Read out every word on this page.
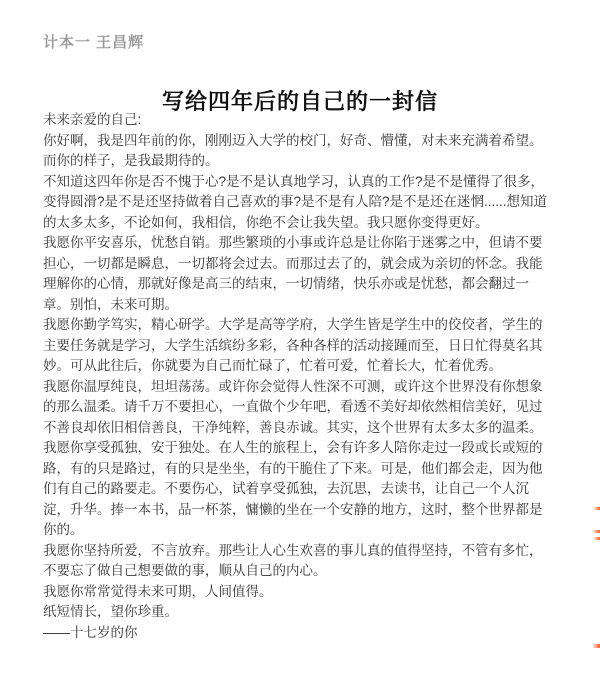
计本一 王昌辉
写给四年后的自己的一封信
未来亲爱的自己:
你好啊，我是四年前的你，刚刚迈入大学的校门，好奇、懵懂，对未来充满着希望。
而你的样子，是我最期待的。
不知道这四年你是否不愧于心?是不是认真地学习，认真的工作?是不是懂得了很多，
变得圆滑?是不是还坚持做着自己喜欢的事?是不是有人陪?是不是还在迷惘......想知道
的太多太多，不论如何，我相信，你绝不会让我失望。我只愿你变得更好。
我愿你平安喜乐，忧愁自销。那些繁琐的小事或许总是让你陷于迷雾之中，但请不要
担心，一切都是瞬息，一切都将会过去。而那过去了的，就会成为亲切的怀念。我能
理解你的心情，那就好像是高三的结束，一切情绪，快乐亦或是忧愁，都会翻过一
章。别怕，未来可期。
我愿你勤学笃实，精心研学。大学是高等学府，大学生皆是学生中的佼佼者，学生的
主要任务就是学习，大学生活缤纷多彩，各种各样的活动接踵而至，日日忙得莫名其
妙。可从此往后，你就要为自己而忙碌了，忙着可爱，忙着长大，忙着优秀。
我愿你温厚纯良，坦坦荡荡。或许你会觉得人性深不可测，或许这个世界没有你想象
的那么温柔。请千万不要担心，一直做个少年吧，看透不美好却依然相信美好，见过
不善良却依旧相信善良，干净纯粹，善良赤诚。其实，这个世界有太多太多的温柔。
我愿你享受孤独，安于独处。在人生的旅程上，会有许多人陪你走过一段或长或短的
路，有的只是路过，有的只是坐坐，有的干脆住了下来。可是，他们都会走，因为他
们有自己的路要走。不要伤心，试着享受孤独，去沉思，去读书，让自己一个人沉
淀，升华。捧一本书，品一杯茶，慵懒的坐在一个安静的地方，这时，整个世界都是
你的。
我愿你坚持所爱，不言放弃。那些让人心生欢喜的事儿真的值得坚持，不管有多忙，
不要忘了做自己想要做的事，顺从自己的内心。
我愿你常常觉得未来可期，人间值得。
纸短情长，望你珍重。
——十七岁的你
